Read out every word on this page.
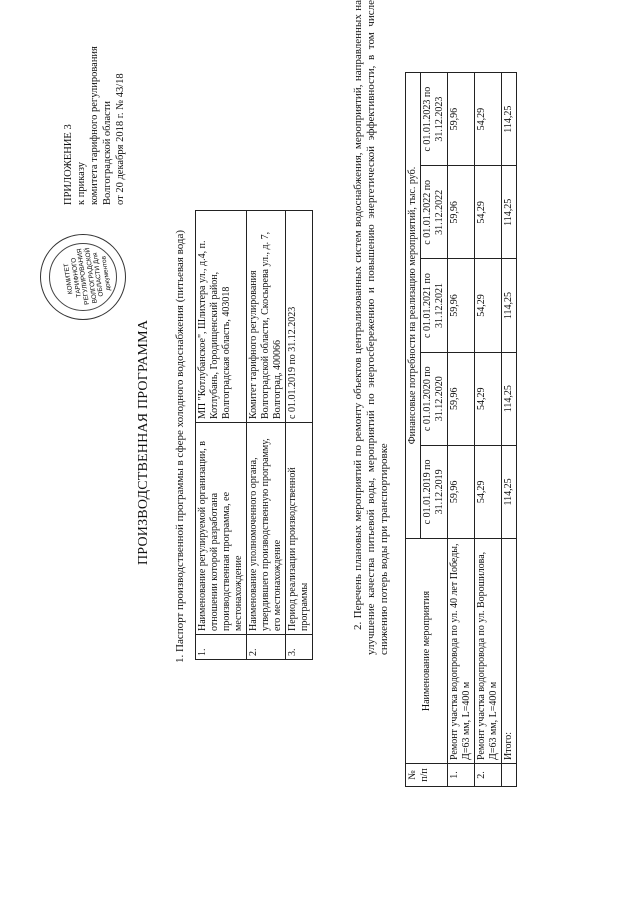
ПРИЛОЖЕНИЕ 3 к приказу комитета тарифного регулирования Волгоградской области от 20 декабря 2018 г. № 43/18
КОМИТЕТ ТАРИФНОГО РЕГУЛИРОВАНИЯ ВОЛГОГРАДСКОЙ ОБЛАСТИ Для документов
ПРОИЗВОДСТВЕННАЯ ПРОГРАММА 1. Паспорт производственной программы в сфере холодного водоснабжения (питьевая вода) 1.	Наименование регулируемой организации, в отношении которой разработана производственная программа, ее местонахождение	МП "Котлубанское", Шлихтера ул., д.4, п. Котлубань, Городищенский район, Волгоградская область, 403018
2.	Наименование уполномоченного органа, утвердившего производственную программу, его местонахождение	Комитет тарифного регулирования Волгоградской области, Скосырева ул., д. 7, Волгоград, 400066
3.	Период реализации производственной программы	с 01.01.2019 по 31.12.2023	2. Перечень плановых мероприятий по ремонту объектов централизованных систем водоснабжения, мероприятий, направленных на улучшение качества питьевой воды, мероприятий по энергосбережению и повышению энергетической эффективности, в том числе снижению потерь воды при транспортировке
№ п/п	Наименование мероприятия	Финансовые потребности на реализацию мероприятий, тыс. руб.				
		с 01.01.2019 по 31.12.2019	с 01.01.2020 по 31.12.2020	с 01.01.2021 по 31.12.2021	с 01.01.2022 по 31.12.2022	с 01.01.2023 по 31.12.2023
1.	Ремонт участка водопровода по ул. 40 лет Победы, Д=63 мм, L=400 м	59,96	59,96	59,96	59,96	59,96
2.	Ремонт участка водопровода по ул. Ворошилова, Д=63 мм, L=400 м	54,29	54,29	54,29	54,29	54,29
	Итого:	114,25	114,25	114,25	114,25	114,25
